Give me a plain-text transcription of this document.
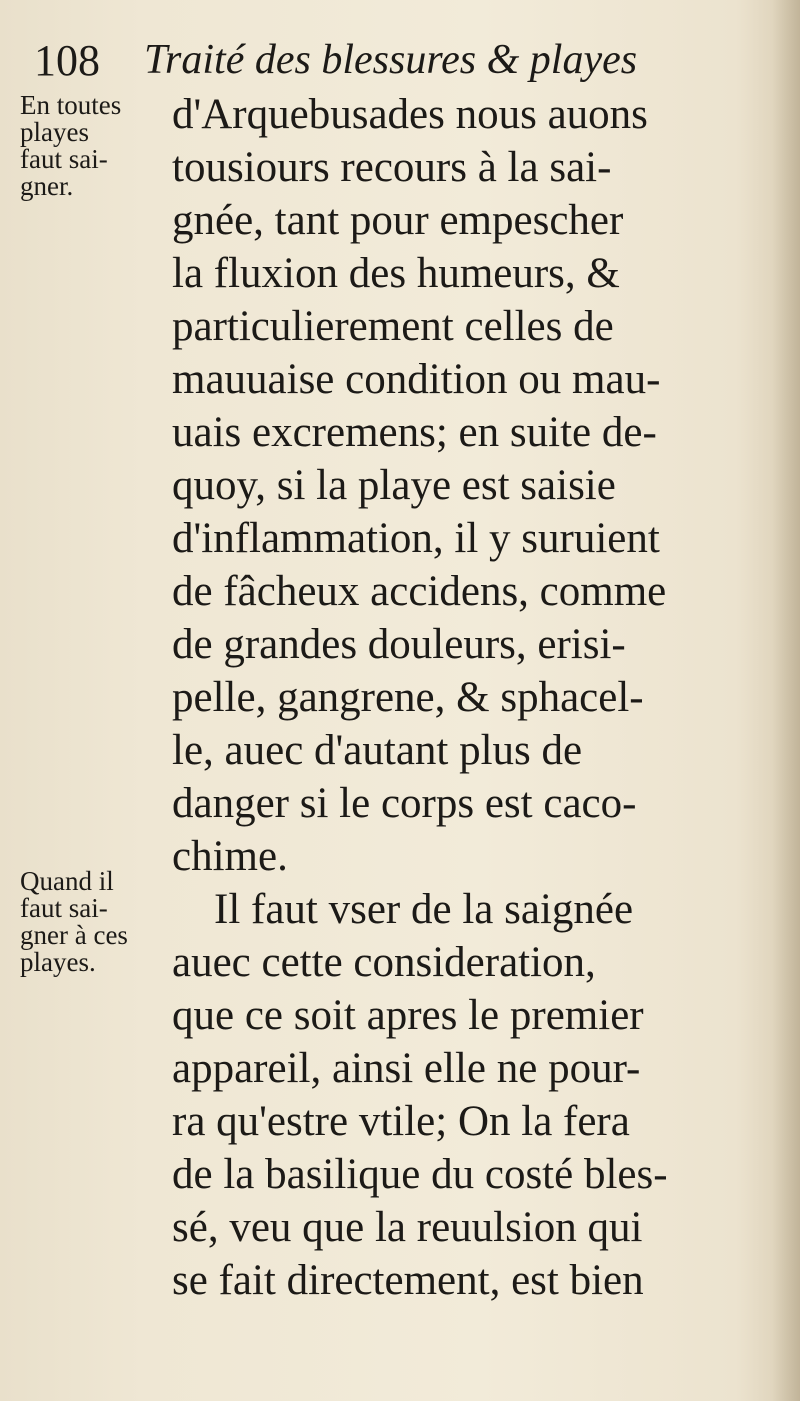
108 Traité des blessures & playes
En toutes
playes
faut sai-
gner.
Quand il
faut sai-
gner à ces
playes.
d'Arquebusades nous auons
tousiours recours à la sai-
gnée, tant pour empescher
la fluxion des humeurs, &
particulierement celles de
mauuaise condition ou mau-
uais excremens; en suite de-
quoy, si la playe est saisie
d'inflammation, il y suruient
de fâcheux accidens, comme
de grandes douleurs, erisi-
pelle, gangrene, & sphacel-
le, auec d'autant plus de
danger si le corps est caco-
chime.
Il faut vser de la saignée
auec cette consideration,
que ce soit apres le premier
appareil, ainsi elle ne pour-
ra qu'estre vtile; On la fera
de la basilique du costé bles-
sé, veu que la reuulsion qui
se fait directement, est bien
